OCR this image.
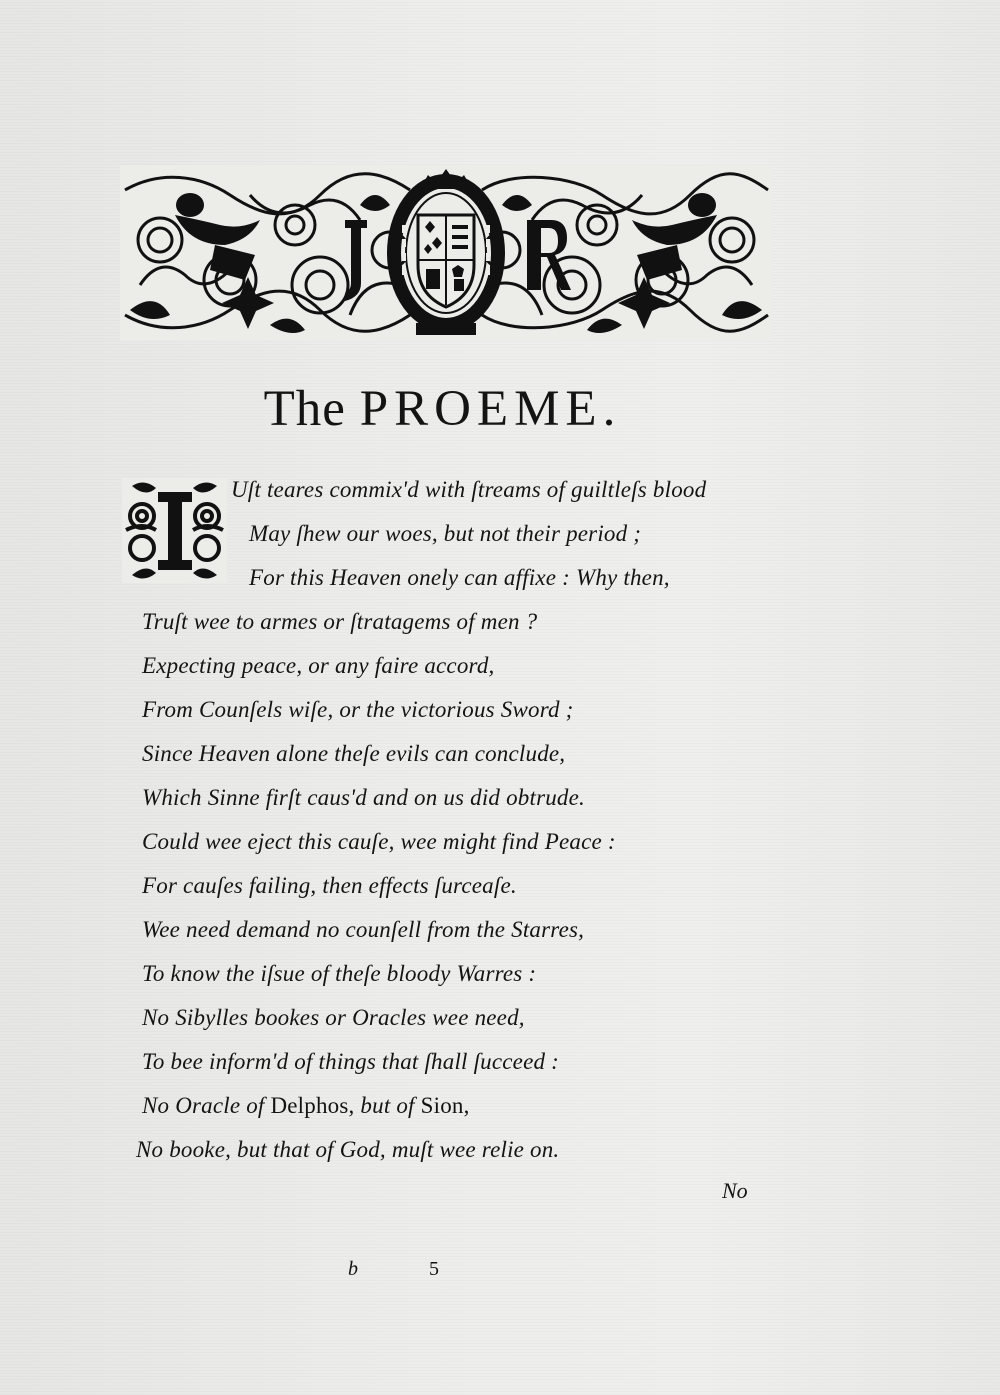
The PROEME.
Uſt teares commix'd with ſtreams of guiltleſs blood
May ſhew our woes, but not their period ;
For this Heaven onely can affixe : Why then,
Truſt wee to armes or ſtratagems of men ?
Expecting peace, or any faire accord,
From Counſels wiſe, or the victorious Sword ;
Since Heaven alone theſe evils can conclude,
Which Sinne firſt caus'd and on us did obtrude.
Could wee eject this cauſe, wee might find Peace :
For cauſes failing, then effects ſurceaſe.
Wee need demand no counſell from the Starres,
To know the iſsue of theſe bloody Warres :
No Sibylles bookes or Oracles wee need,
To bee inform'd of things that ſhall ſucceed :
No Oracle of Delphos, but of Sion,
No booke, but that of God, muſt wee relie on.
No
b	5
